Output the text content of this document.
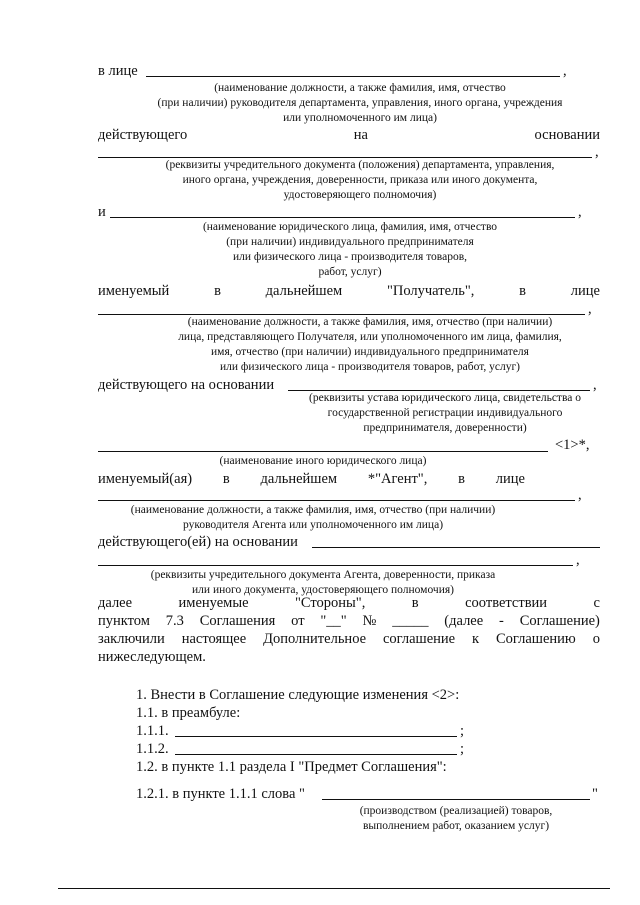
в лице	,
(наименование должности, а также фамилия, имя, отчество
(при наличии) руководителя департамента, управления, иного органа, учреждения
или уполномоченного им лица)
действующего	на	основании
,
(реквизиты учредительного документа (положения) департамента, управления,
иного органа, учреждения, доверенности, приказа или иного документа,
удостоверяющего полномочия)
и	,
(наименование юридического лица, фамилия, имя, отчество
(при наличии) индивидуального предпринимателя
или физического лица - производителя товаров,
работ, услуг)
именуемый	в	дальнейшем	"Получатель",	в	лице
,
(наименование должности, а также фамилия, имя, отчество (при наличии)
лица, представляющего Получателя, или уполномоченного им лица, фамилия,
имя, отчество (при наличии) индивидуального предпринимателя
или физического лица - производителя товаров, работ, услуг)
действующего на основании	,
(реквизиты устава юридического лица, свидетельства о
государственной регистрации индивидуального
предпринимателя, доверенности)
<1>*,
(наименование иного юридического лица)
именуемый(ая) в дальнейшем *"Агент", в лице
,
(наименование должности, а также фамилия, имя, отчество (при наличии)
руководителя Агента или уполномоченного им лица)
действующего(ей) на основании
,
(реквизиты учредительного документа Агента, доверенности, приказа
или иного документа, удостоверяющего полномочия)
далее	именуемые	"Стороны",	в	соответствии	с
пунктом 7.3 Соглашения от "__" № _____ (далее - Соглашение)
заключили настоящее Дополнительное соглашение к Соглашению о
нижеследующем.
1. Внести в Соглашение следующие изменения <2>:
1.1. в преамбуле:
1.1.1.	;
1.1.2.	;
1.2. в пункте 1.1 раздела I "Предмет Соглашения":
1.2.1. в пункте 1.1.1 слова "	"
(производством (реализацией) товаров,
выполнением работ, оказанием услуг)
